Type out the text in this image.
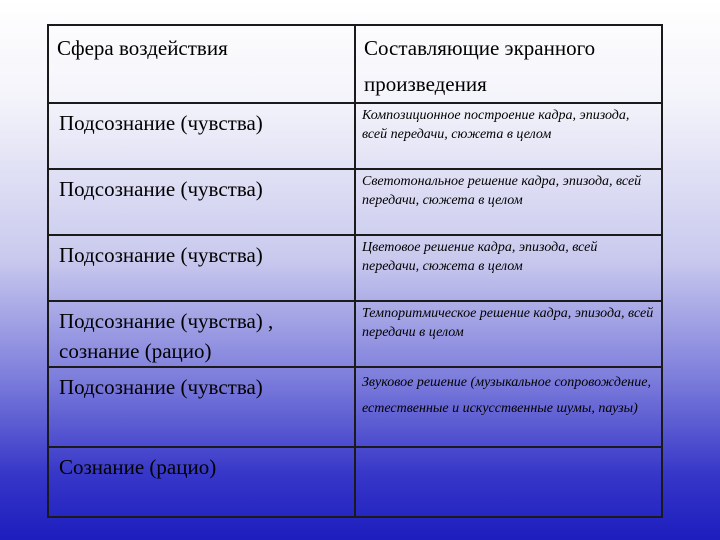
Сфера воздействия	Составляющие экранного произведения
Подсознание (чувства)	Композиционное построение кадра, эпизода, всей передачи, сюжета в целом
Подсознание (чувства)	Светотональное решение кадра, эпизода, всей передачи, сюжета в целом
Подсознание (чувства)	Цветовое решение кадра, эпизода, всей передачи, сюжета в целом
Подсознание (чувства) , сознание (рацио)	Темпоритмическое решение кадра, эпизода, всей передачи в целом
Подсознание (чувства)	Звуковое решение (музыкальное сопровождение, естественные и искусственные шумы, паузы)
Сознание (рацио)	
